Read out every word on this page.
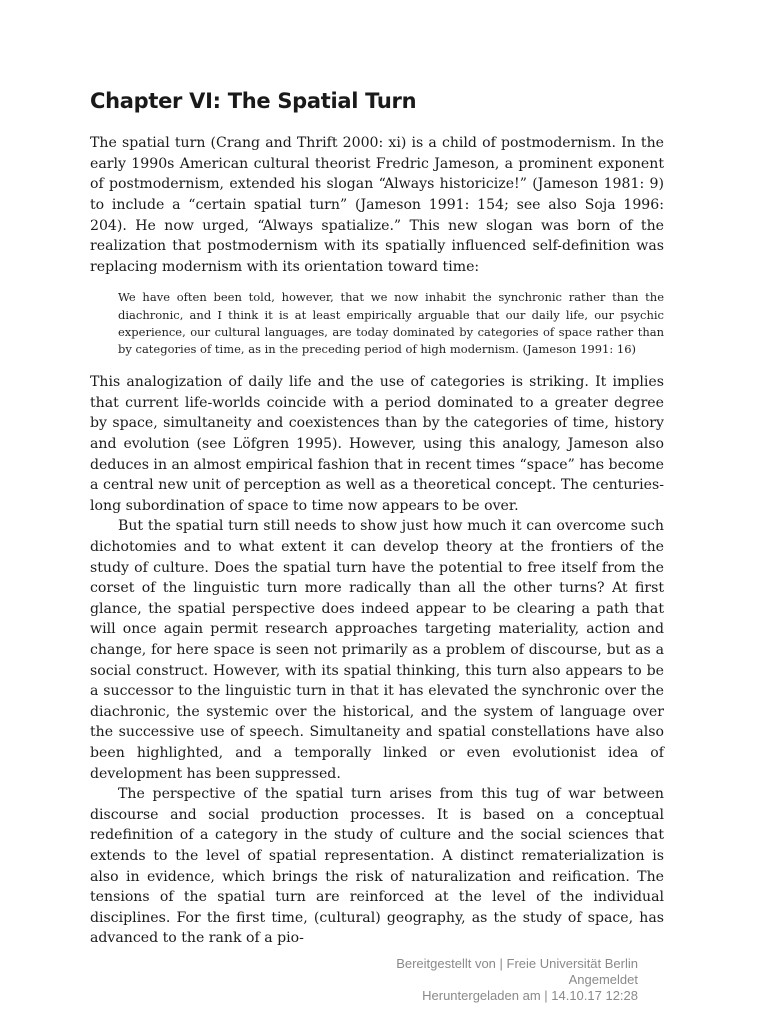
Chapter VI: The Spatial Turn

The spatial turn (Crang and Thrift 2000: xi) is a child of postmodernism. In the early 1990s American cultural theorist Fredric Jameson, a prominent exponent of postmodernism, extended his slogan “Always historicize!” (Jameson 1981: 9) to include a “certain spatial turn” (Jameson 1991: 154; see also Soja 1996: 204). He now urged, “Always spatialize.” This new slogan was born of the realization that postmodernism with its spatially influenced self-definition was replacing modernism with its orientation toward time:

We have often been told, however, that we now inhabit the synchronic rather than the diachronic, and I think it is at least empirically arguable that our daily life, our psychic experience, our cultural languages, are today dominated by categories of space rather than by categories of time, as in the preceding period of high modernism. (Jameson 1991: 16)

This analogization of daily life and the use of categories is striking. It implies that current life-worlds coincide with a period dominated to a greater degree by space, simultaneity and coexistences than by the categories of time, history and evolution (see Löfgren 1995). However, using this analogy, Jameson also deduces in an almost empirical fashion that in recent times “space” has become a central new unit of perception as well as a theoretical concept. The centuries-long subordination of space to time now appears to be over.

But the spatial turn still needs to show just how much it can overcome such dichotomies and to what extent it can develop theory at the frontiers of the study of culture. Does the spatial turn have the potential to free itself from the corset of the linguistic turn more radically than all the other turns? At first glance, the spatial perspective does indeed appear to be clearing a path that will once again permit research approaches targeting materiality, action and change, for here space is seen not primarily as a problem of discourse, but as a social construct. However, with its spatial thinking, this turn also appears to be a successor to the linguistic turn in that it has elevated the synchronic over the diachronic, the systemic over the historical, and the system of language over the successive use of speech. Simultaneity and spatial constellations have also been highlighted, and a temporally linked or even evolutionist idea of development has been suppressed.

The perspective of the spatial turn arises from this tug of war between discourse and social production processes. It is based on a conceptual redefinition of a category in the study of culture and the social sciences that extends to the level of spatial representation. A distinct rematerialization is also in evidence, which brings the risk of naturalization and reification. The tensions of the spatial turn are reinforced at the level of the individual disciplines. For the first time, (cultural) geography, as the study of space, has advanced to the rank of a pio-

Bereitgestellt von | Freie Universität Berlin
Angemeldet
Heruntergeladen am | 14.10.17 12:28
